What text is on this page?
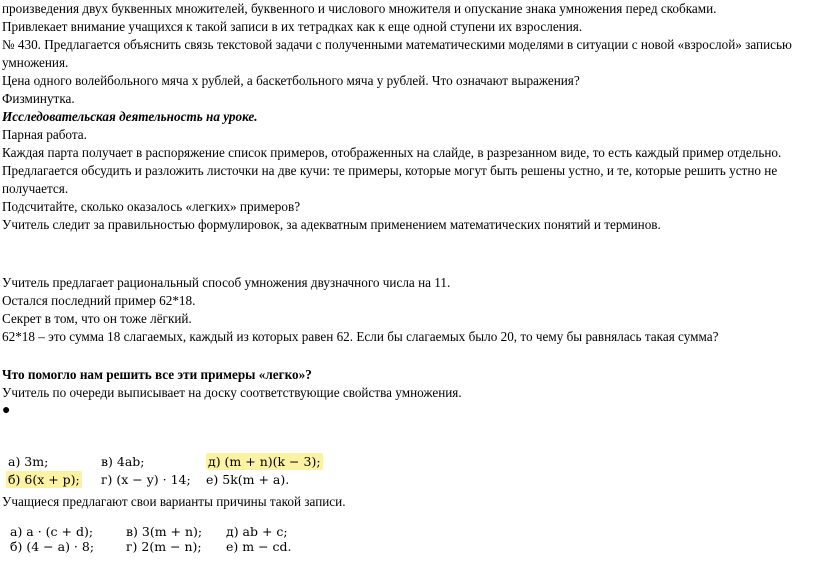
произведения двух буквенных множителей, буквенного и числового множителя и опускание знака умножения перед скобками.
Привлекает внимание учащихся к такой записи в их тетрадках как к еще одной ступени их взросления.
№ 430. Предлагается объяснить связь текстовой задачи с полученными математическими моделями в ситуации с новой «взрослой» записью умножения.
Цена одного волейбольного мяча x рублей, а баскетбольного мяча y рублей. Что означают выражения?
Физминутка.
Исследовательская деятельность на уроке.
Парная работа.
Каждая парта получает в распоряжение список примеров, отображенных на слайде, в разрезанном виде, то есть каждый пример отдельно.
Предлагается обсудить и разложить листочки на две кучи: те примеры, которые могут быть решены устно, и те, которые решить устно не получается.
Подсчитайте, сколько оказалось «легких» примеров?
Учитель следит за правильностью формулировок, за адекватным применением математических понятий и терминов.
Учитель предлагает рациональный способ умножения двузначного числа на 11.
Остался последний пример 62*18.
Секрет в том, что он тоже лёгкий.
62*18 – это сумма 18 слагаемых, каждый из которых равен 62. Если бы слагаемых было 20, то чему бы равнялась такая сумма?
Что помогло нам решить все эти примеры «легко»?
Учитель по очереди выписывает на доску соответствующие свойства умножения.
●
а) 3m;	в) 4ab;	д) (m + n)(k − 3);
б) 6(x + p); г) (x − y) · 14; е) 5k(m + a).
Учащиеся предлагают свои варианты причины такой записи.
а) a · (c + d);	в) 3(m + n); д) ab + c;
б) (4 − a) · 8;	г) 2(m − n); е) m − cd.
